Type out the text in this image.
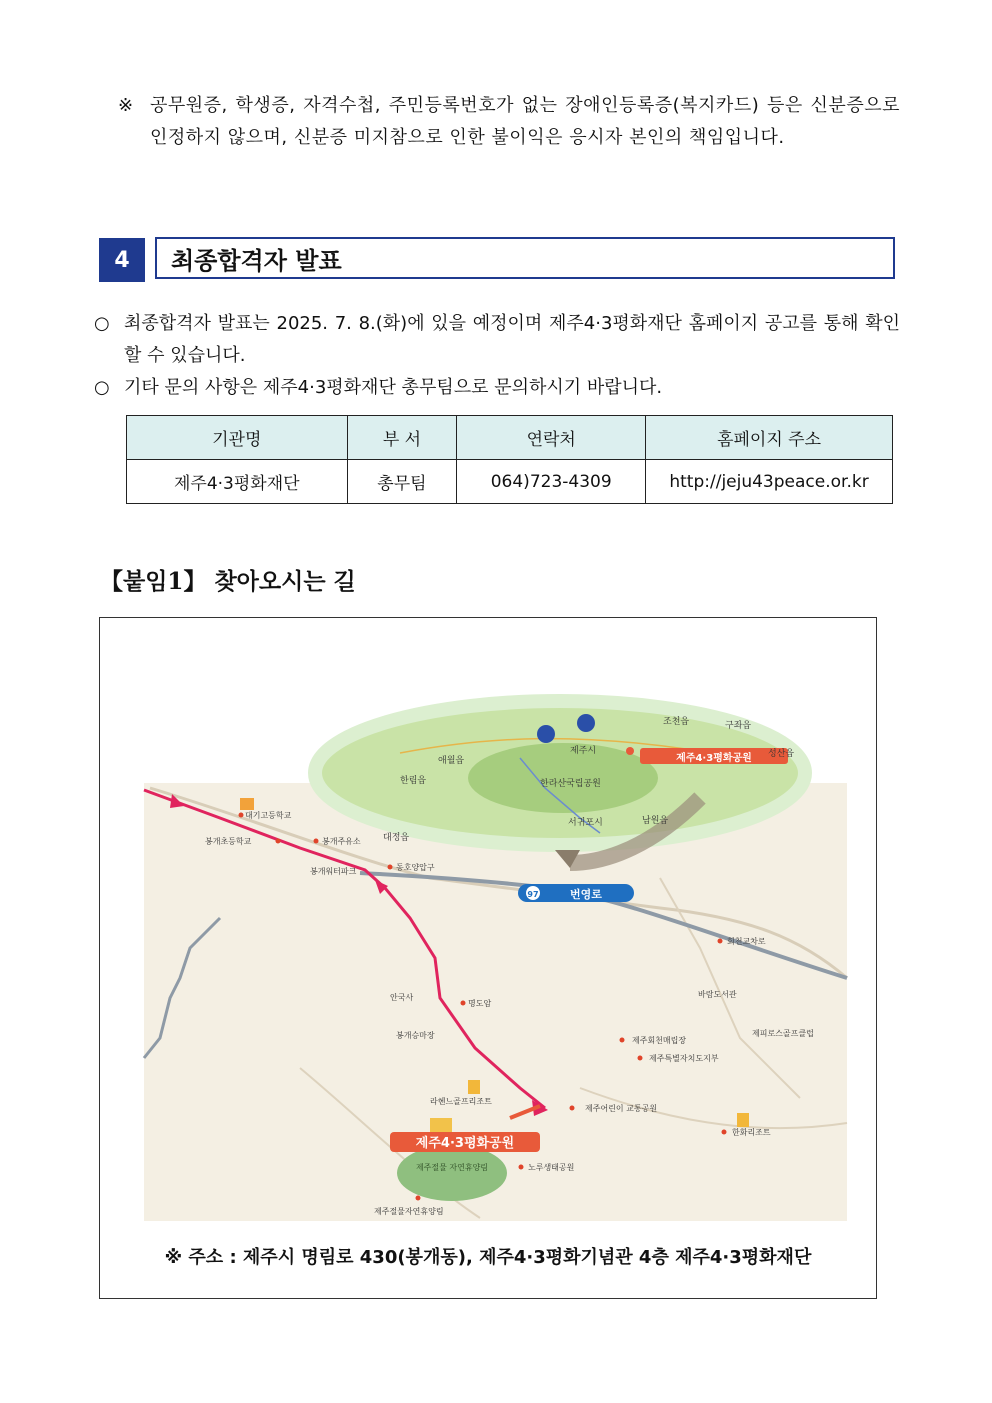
※ 공무원증, 학생증, 자격수첩, 주민등록번호가 없는 장애인등록증(복지카드) 등은 신분증으로 인정하지 않으며, 신분증 미지참으로 인한 불이익은 응시자 본인의 책임입니다.
4	최종합격자 발표
○ 최종합격자 발표는 2025. 7. 8.(화)에 있을 예정이며 제주4·3평화재단 홈페이지 공고를 통해 확인할 수 있습니다.
○ 기타 문의 사항은 제주4·3평화재단 총무팀으로 문의하시기 바랍니다.
기관명	부 서	연락처	홈페이지 주소
제주4·3평화재단	총무팀	064)723-4309	http://jeju43peace.or.kr
【붙임1】 찾아오시는 길
제주4·3평화공원
조천읍	구좌읍
성산읍
제주시
애월읍
한림읍	한라산국립공원
대정읍
서귀포시	남원읍
97	번영로
대기고등학교
봉개초등학교	봉개주유소
봉개워터파크	동호양압구
회천교차로
안국사
명도암
바람도서관
봉개승마장
제주회천매립장
제주특별자치도지부
제피로스골프클럽
라헨느골프리조트
제주어린이 교통공원
한화리조트
노루생태공원
제주절물자연휴양림
제주절물 자연휴양림
제주4·3평화공원
※ 주소 : 제주시 명림로 430(봉개동), 제주4·3평화기념관 4층 제주4·3평화재단
